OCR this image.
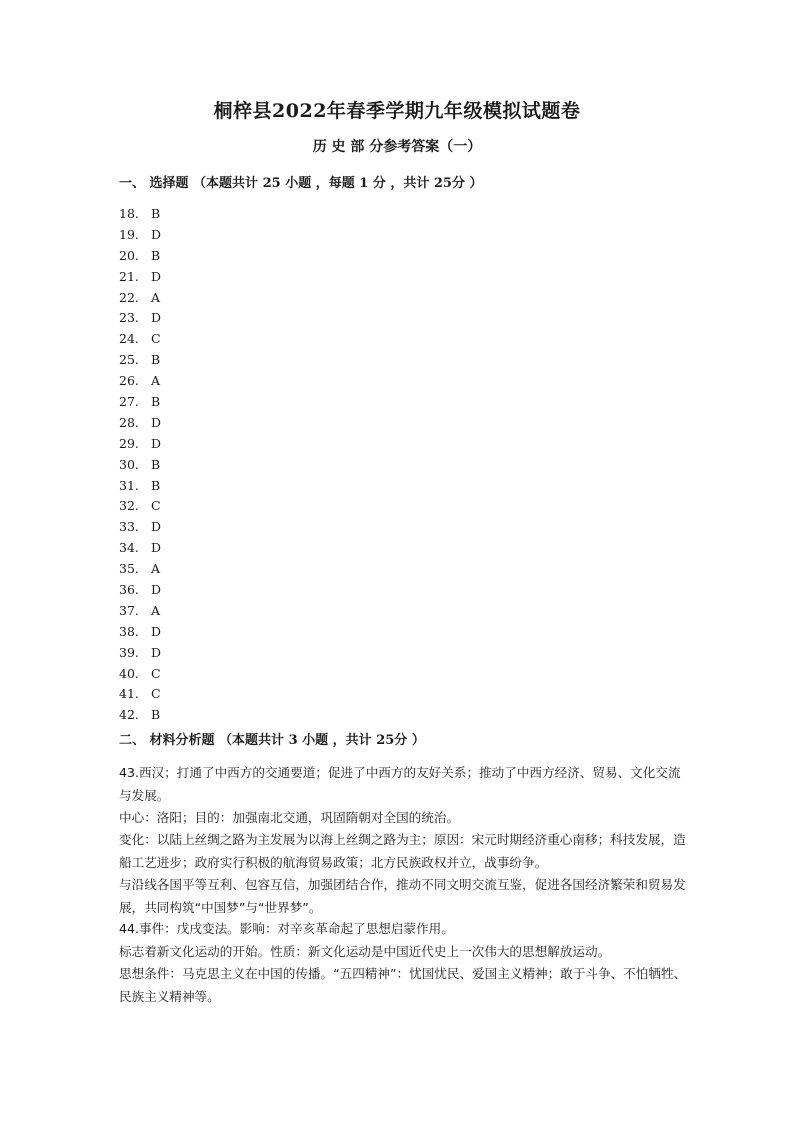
桐梓县2022年春季学期九年级模拟试题卷
历 史 部 分参考答案（一）
一、 选择题 （本题共计 25 小题 ，每题 1 分 ，共计 25分 ）
18. B
19. D
20. B
21. D
22. A
23. D
24. C
25. B
26. A
27. B
28. D
29. D
30. B
31. B
32. C
33. D
34. D
35. A
36. D
37. A
38. D
39. D
40. C
41. C
42. B
二、 材料分析题 （本题共计 3 小题 ，共计 25分 ）

43.西汉；打通了中西方的交通要道；促进了中西方的友好关系；推动了中西方经济、贸易、文化交流与发展。

中心：洛阳；目的：加强南北交通，巩固隋朝对全国的统治。

变化：以陆上丝绸之路为主发展为以海上丝绸之路为主；原因：宋元时期经济重心南移；科技发展，造船工艺进步；政府实行积极的航海贸易政策；北方民族政权并立，战事纷争。

与沿线各国平等互利、包容互信，加强团结合作，推动不同文明交流互鉴，促进各国经济繁荣和贸易发展，共同构筑“中国梦”与“世界梦”。

44.事件：戊戌变法。影响：对辛亥革命起了思想启蒙作用。

标志着新文化运动的开始。性质：新文化运动是中国近代史上一次伟大的思想解放运动。

思想条件：马克思主义在中国的传播。“五四精神”：忧国忧民、爱国主义精神；敢于斗争、不怕牺牲、民族主义精神等。
